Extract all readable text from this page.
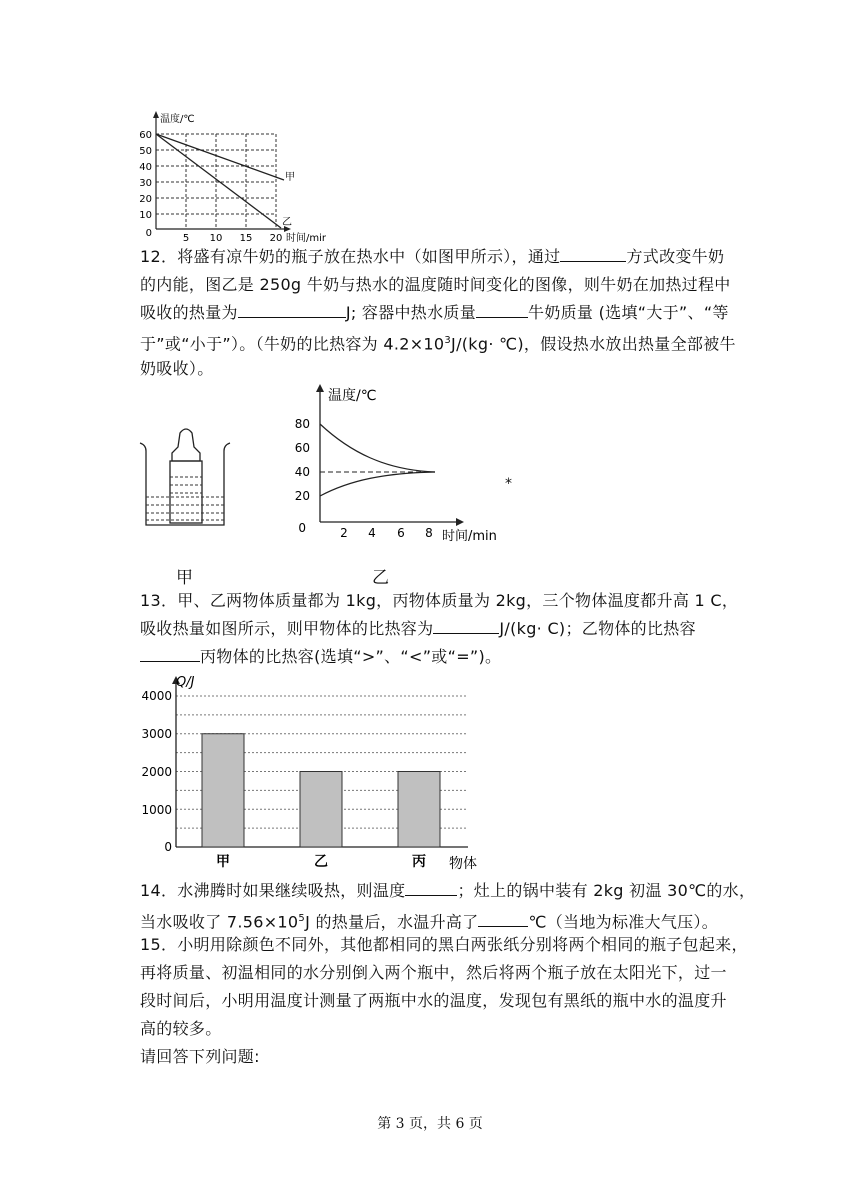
温度/℃
60
50
40
30
20
10
0	5 10 15 20 时间/mir
甲
乙
12．将盛有凉牛奶的瓶子放在热水中（如图甲所示），通过	方式改变牛奶
的内能，图乙是 250g 牛奶与热水的温度随时间变化的图像，则牛奶在加热过程中
吸收的热量为	J; 容器中热水质量	牛奶质量 (选填“大于”、“等
于”或“小于”）。（牛奶的比热容为 $4.2\times 10^3J/(kg\cdot$ ℃)，假设热水放出热量全部被牛
奶吸收）。
甲
温度/℃
80
60
40
20
0	2 4 6 8 时间/min
乙
*
13．甲、乙两物体质量都为 1kg，丙物体质量为 2kg，三个物体温度都升高 1 C，
吸收热量如图所示，则甲物体的比热容为	J/(kg· C)；乙物体的比热容
丙物体的比热容(选填“>”、“<”或“=”)。
甲	乙	丙
Q/J
4000
3000
2000
1000
0
物体
14．水沸腾时如果继续吸热，则温度	；灶上的锅中装有 2kg 初温 30℃的水，
当水吸收了 $7.56\times 10^5J$ 的热量后，水温升高了	℃（当地为标准大气压）。
15．小明用除颜色不同外，其他都相同的黑白两张纸分别将两个相同的瓶子包起来，
再将质量、初温相同的水分别倒入两个瓶中，然后将两个瓶子放在太阳光下，过一
段时间后，小明用温度计测量了两瓶中水的温度，发现包有黑纸的瓶中水的温度升
高的较多。
请回答下列问题:
第 3 页，共 6 页
